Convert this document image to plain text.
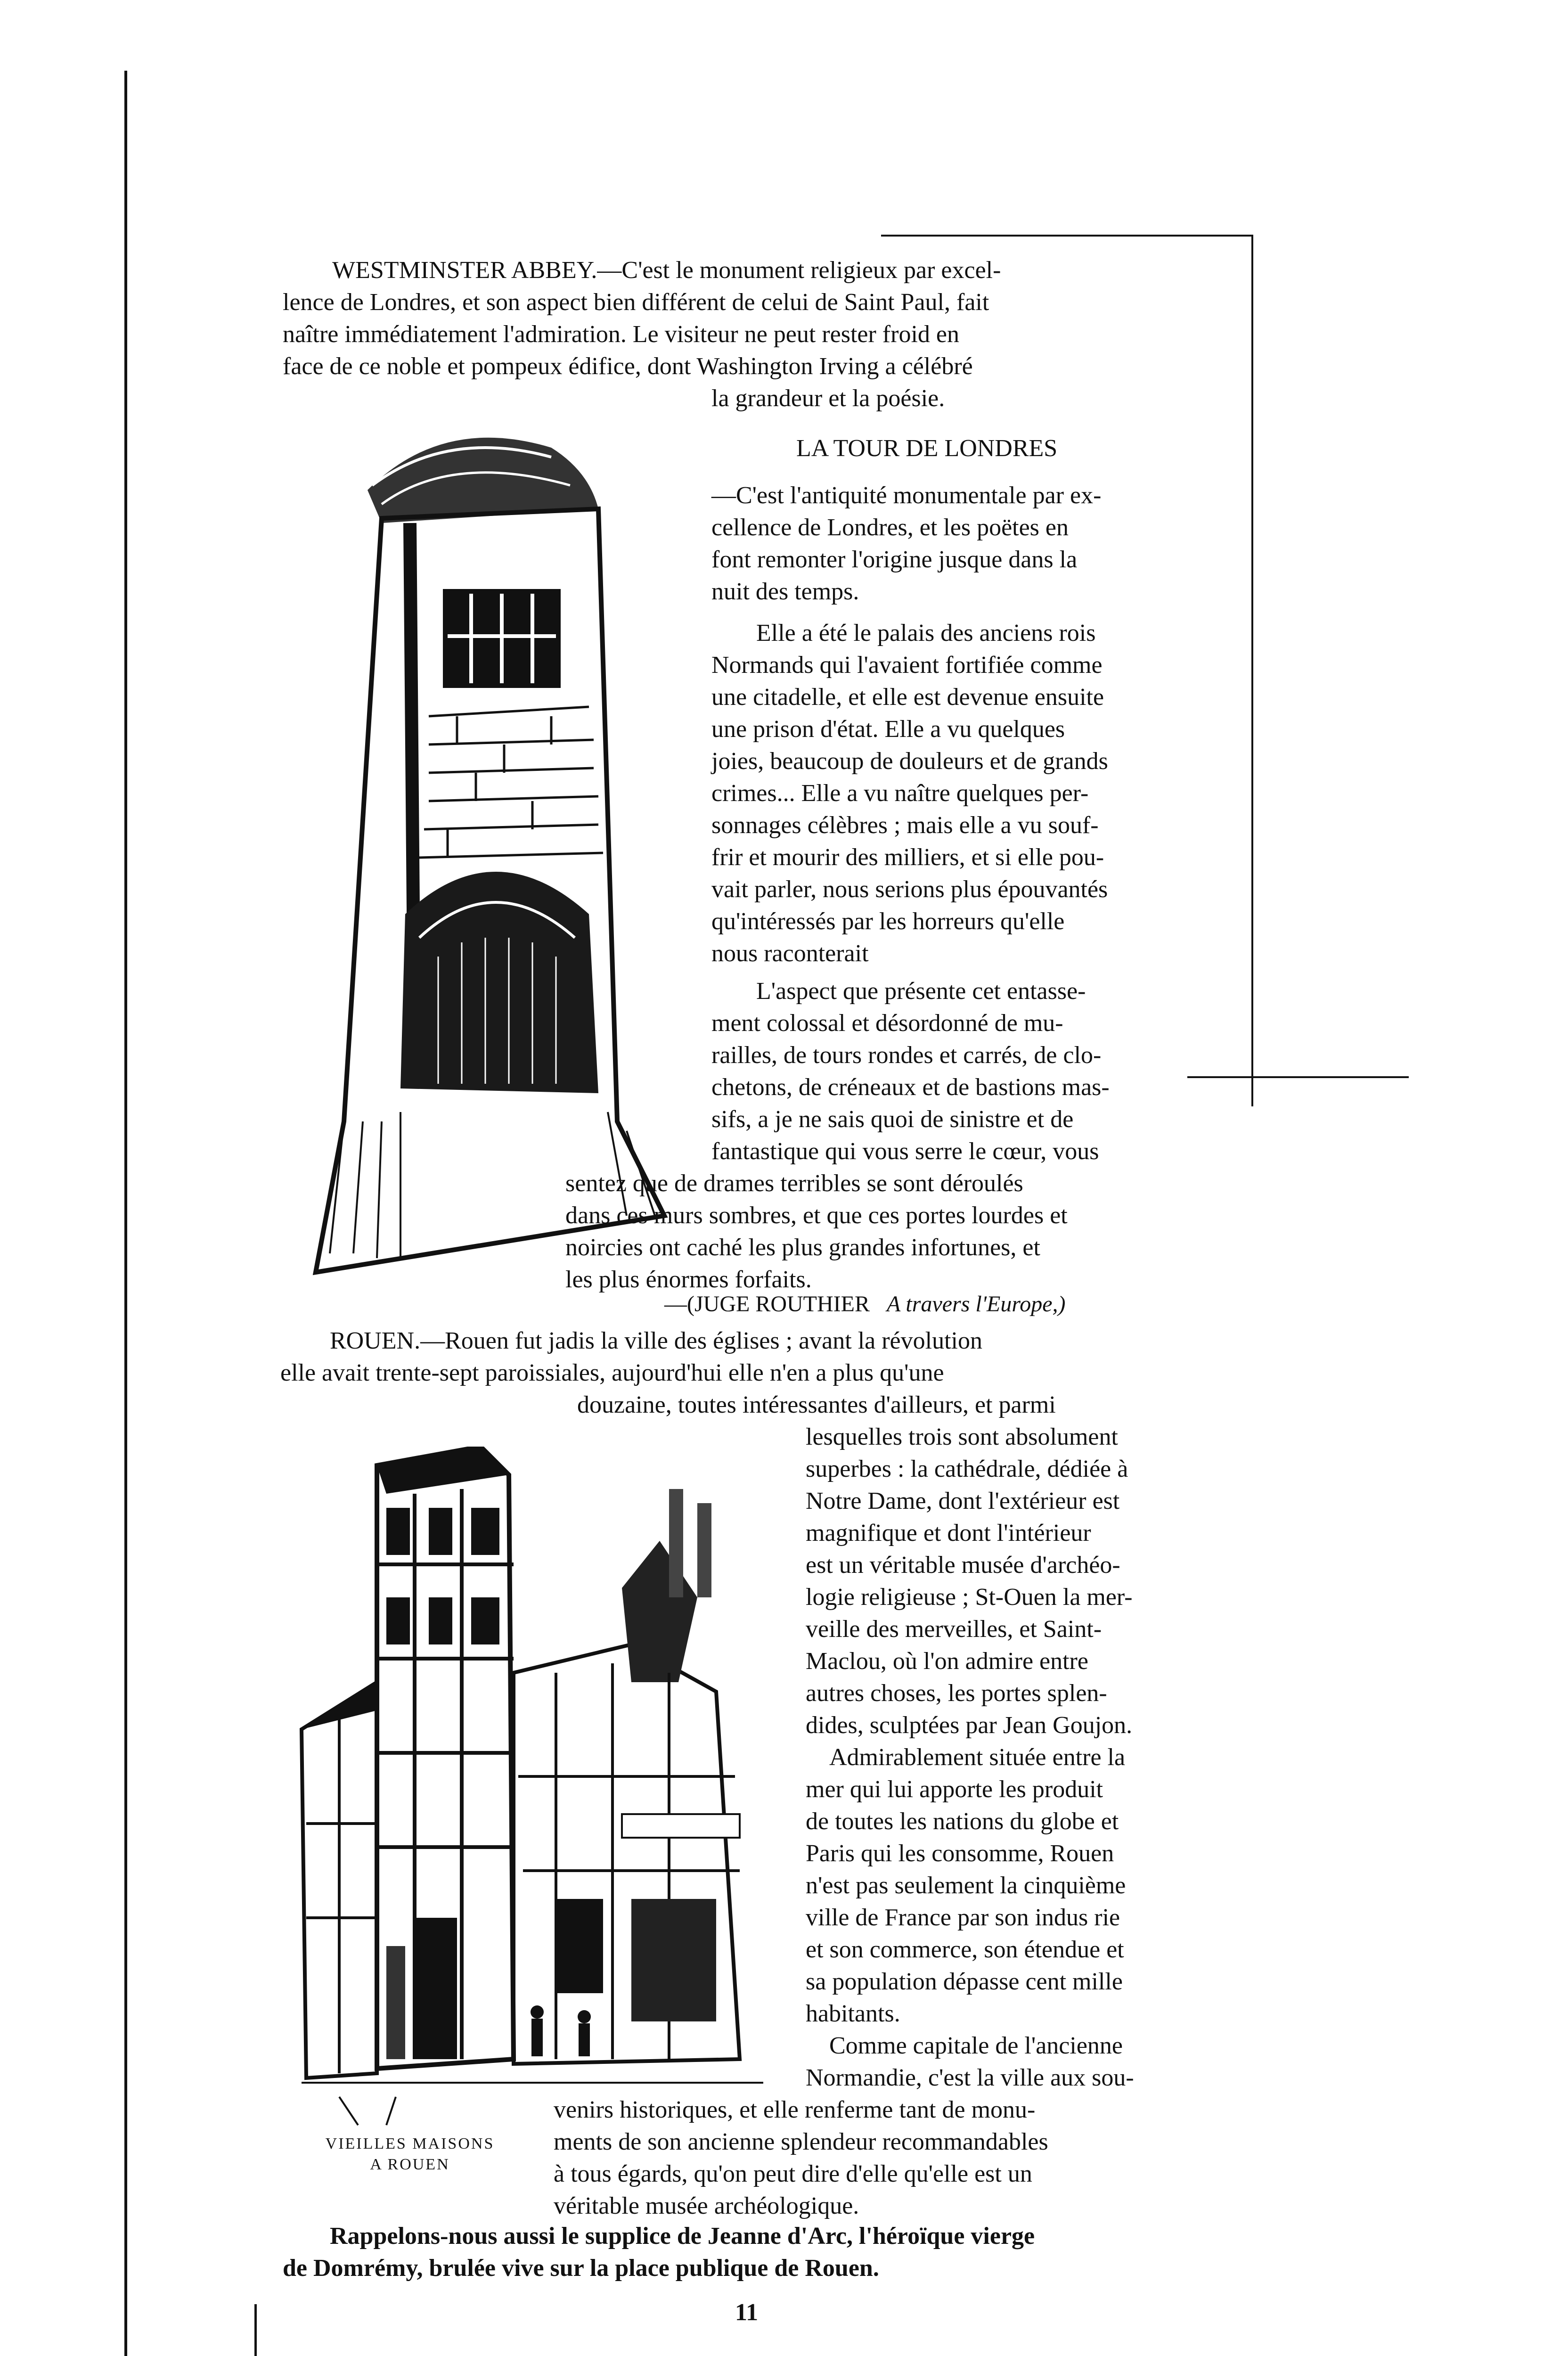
WESTMINSTER ABBEY.—C'est le monument religieux par excel-
lence de Londres, et son aspect bien différent de celui de Saint Paul, fait
naître immédiatement l'admiration. Le visiteur ne peut rester froid en
face de ce noble et pompeux édifice, dont Washington Irving a célébré
la grandeur et la poésie.
LA TOUR DE LONDRES
—C'est l'antiquité monumentale par ex-
cellence de Londres, et les poëtes en
font remonter l'origine jusque dans la
nuit des temps.
Elle a été le palais des anciens rois
Normands qui l'avaient fortifiée comme
une citadelle, et elle est devenue ensuite
une prison d'état. Elle a vu quelques
joies, beaucoup de douleurs et de grands
crimes... Elle a vu naître quelques per-
sonnages célèbres ; mais elle a vu souf-
frir et mourir des milliers, et si elle pou-
vait parler, nous serions plus épouvantés
qu'intéressés par les horreurs qu'elle
nous raconterait
L'aspect que présente cet entasse-
ment colossal et désordonné de mu-
railles, de tours rondes et carrés, de clo-
chetons, de créneaux et de bastions mas-
sifs, a je ne sais quoi de sinistre et de
fantastique qui vous serre le cœur, vous
sentez que de drames terribles se sont déroulés
dans ces murs sombres, et que ces portes lourdes et
noircies ont caché les plus grandes infortunes, et
les plus énormes forfaits.
—(JUGE ROUTHIER A travers l'Europe,)
ROUEN.—Rouen fut jadis la ville des églises ; avant la révolution
elle avait trente-sept paroissiales, aujourd'hui elle n'en a plus qu'une
douzaine, toutes intéressantes d'ailleurs, et parmi
lesquelles trois sont absolument
superbes : la cathédrale, dédiée à
Notre Dame, dont l'extérieur est
magnifique et dont l'intérieur
est un véritable musée d'archéo-
logie religieuse ; St-Ouen la mer-
veille des merveilles, et Saint-
Maclou, où l'on admire entre
autres choses, les portes splen-
dides, sculptées par Jean Goujon.
Admirablement située entre la
mer qui lui apporte les produit
de toutes les nations du globe et
Paris qui les consomme, Rouen
n'est pas seulement la cinquième
ville de France par son indus rie
et son commerce, son étendue et
sa population dépasse cent mille
habitants.
Comme capitale de l'ancienne
Normandie, c'est la ville aux sou-
venirs historiques, et elle renferme tant de monu-
ments de son ancienne splendeur recommandables
à tous égards, qu'on peut dire d'elle qu'elle est un
véritable musée archéologique.
VIEILLES MAISONS
A ROUEN
Rappelons-nous aussi le supplice de Jeanne d'Arc, l'héroïque vierge
de Domrémy, brulée vive sur la place publique de Rouen.
11
